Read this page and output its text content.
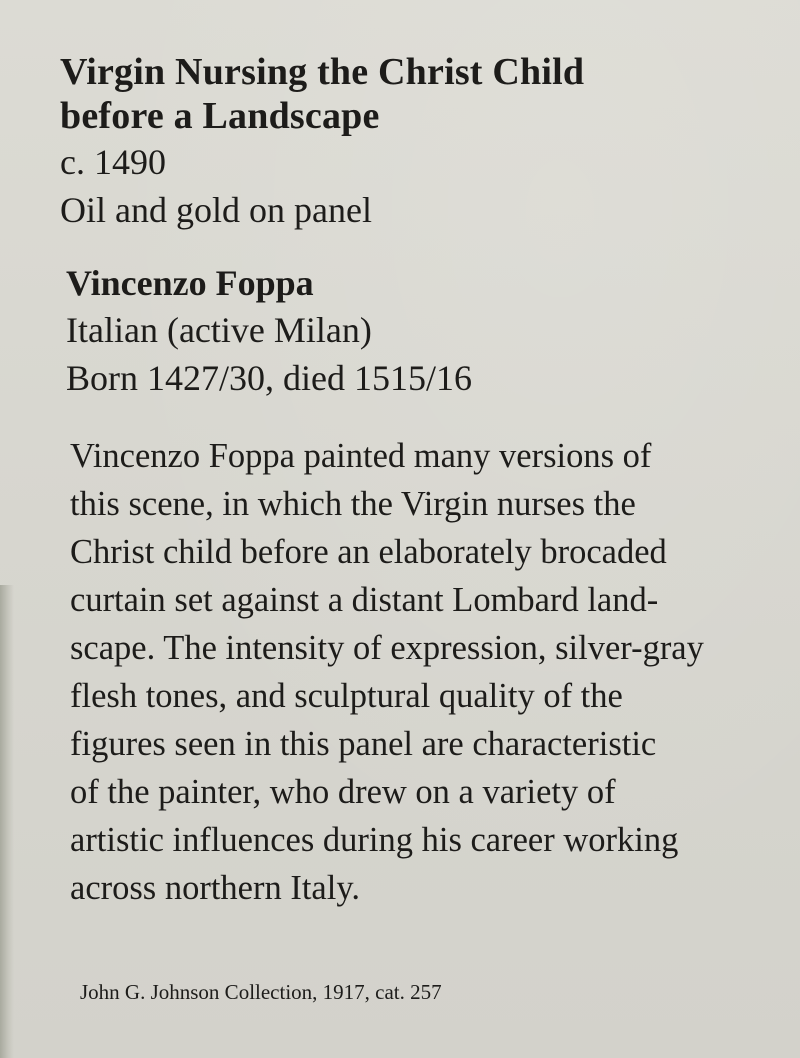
Virgin Nursing the Christ Child

before a Landscape

c. 1490

Oil and gold on panel

Vincenzo Foppa

Italian (active Milan)

Born 1427/30, died 1515/16

Vincenzo Foppa painted many versions of
this scene, in which the Virgin nurses the
Christ child before an elaborately brocaded
curtain set against a distant Lombard land-
scape. The intensity of expression, silver-gray
flesh tones, and sculptural quality of the
figures seen in this panel are characteristic
of the painter, who drew on a variety of
artistic influences during his career working
across northern Italy.

John G. Johnson Collection, 1917, cat. 257
